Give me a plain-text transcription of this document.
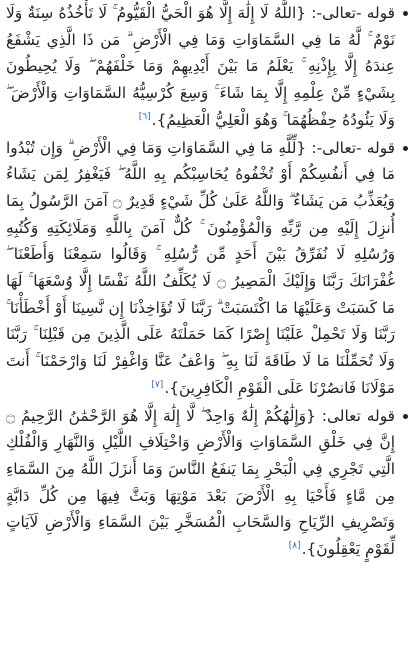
قوله -تعالى-: {اللَّهُ لَا إِلَٰهَ إِلَّا هُوَ الْحَيُّ الْقَيُّومُ ۚ لَا تَأْخُذُهُ سِنَةٌ وَلَا نَوْمٌ ۚ لَّهُ مَا فِي السَّمَاوَاتِ وَمَا فِي الْأَرْضِ ۗ مَن ذَا الَّذِي يَشْفَعُ عِندَهُ إِلَّا بِإِذْنِهِ ۚ يَعْلَمُ مَا بَيْنَ أَيْدِيهِمْ وَمَا خَلْفَهُمْ ۖ وَلَا يُحِيطُونَ بِشَيْءٍ مِّنْ عِلْمِهِ إِلَّا بِمَا شَاءَ ۚ وَسِعَ كُرْسِيُّهُ السَّمَاوَاتِ وَالْأَرْضَ ۖ وَلَا يَئُودُهُ حِفْظُهُمَا ۚ وَهُوَ الْعَلِيُّ الْعَظِيمُ}.[٦]
قوله -تعالى-: {لِّلَّهِ مَا فِي السَّمَاوَاتِ وَمَا فِي الْأَرْضِ ۗ وَإِن تُبْدُوا مَا فِي أَنفُسِكُمْ أَوْ تُخْفُوهُ يُحَاسِبْكُم بِهِ اللَّهُ ۖ فَيَغْفِرُ لِمَن يَشَاءُ وَيُعَذِّبُ مَن يَشَاءُ ۗ وَاللَّهُ عَلَىٰ كُلِّ شَيْءٍ قَدِيرٌ ۝ آمَنَ الرَّسُولُ بِمَا أُنزِلَ إِلَيْهِ مِن رَّبِّهِ وَالْمُؤْمِنُونَ ۚ كُلٌّ آمَنَ بِاللَّهِ وَمَلَائِكَتِهِ وَكُتُبِهِ وَرُسُلِهِ لَا نُفَرِّقُ بَيْنَ أَحَدٍ مِّن رُّسُلِهِ ۚ وَقَالُوا سَمِعْنَا وَأَطَعْنَا ۖ غُفْرَانَكَ رَبَّنَا وَإِلَيْكَ الْمَصِيرُ ۝ لَا يُكَلِّفُ اللَّهُ نَفْسًا إِلَّا وُسْعَهَا ۚ لَهَا مَا كَسَبَتْ وَعَلَيْهَا مَا اكْتَسَبَتْ ۗ رَبَّنَا لَا تُؤَاخِذْنَا إِن نَّسِينَا أَوْ أَخْطَأْنَا ۚ رَبَّنَا وَلَا تَحْمِلْ عَلَيْنَا إِصْرًا كَمَا حَمَلْتَهُ عَلَى الَّذِينَ مِن قَبْلِنَا ۚ رَبَّنَا وَلَا تُحَمِّلْنَا مَا لَا طَاقَةَ لَنَا بِهِ ۖ وَاعْفُ عَنَّا وَاغْفِرْ لَنَا وَارْحَمْنَا ۚ أَنتَ مَوْلَانَا فَانصُرْنَا عَلَى الْقَوْمِ الْكَافِرِينَ}.[٧]
قوله تعالى: {وَإِلَٰهُكُمْ إِلَٰهٌ وَاحِدٌ ۖ لَّا إِلَٰهَ إِلَّا هُوَ الرَّحْمَٰنُ الرَّحِيمُ ۝ إِنَّ فِي خَلْقِ السَّمَاوَاتِ وَالْأَرْضِ وَاخْتِلَافِ اللَّيْلِ وَالنَّهَارِ وَالْفُلْكِ الَّتِي تَجْرِي فِي الْبَحْرِ بِمَا يَنفَعُ النَّاسَ وَمَا أَنزَلَ اللَّهُ مِنَ السَّمَاءِ مِن مَّاءٍ فَأَحْيَا بِهِ الْأَرْضَ بَعْدَ مَوْتِهَا وَبَثَّ فِيهَا مِن كُلِّ دَابَّةٍ وَتَصْرِيفِ الرِّيَاحِ وَالسَّحَابِ الْمُسَخَّرِ بَيْنَ السَّمَاءِ وَالْأَرْضِ لَآيَاتٍ لِّقَوْمٍ يَعْقِلُونَ}.[٨]
